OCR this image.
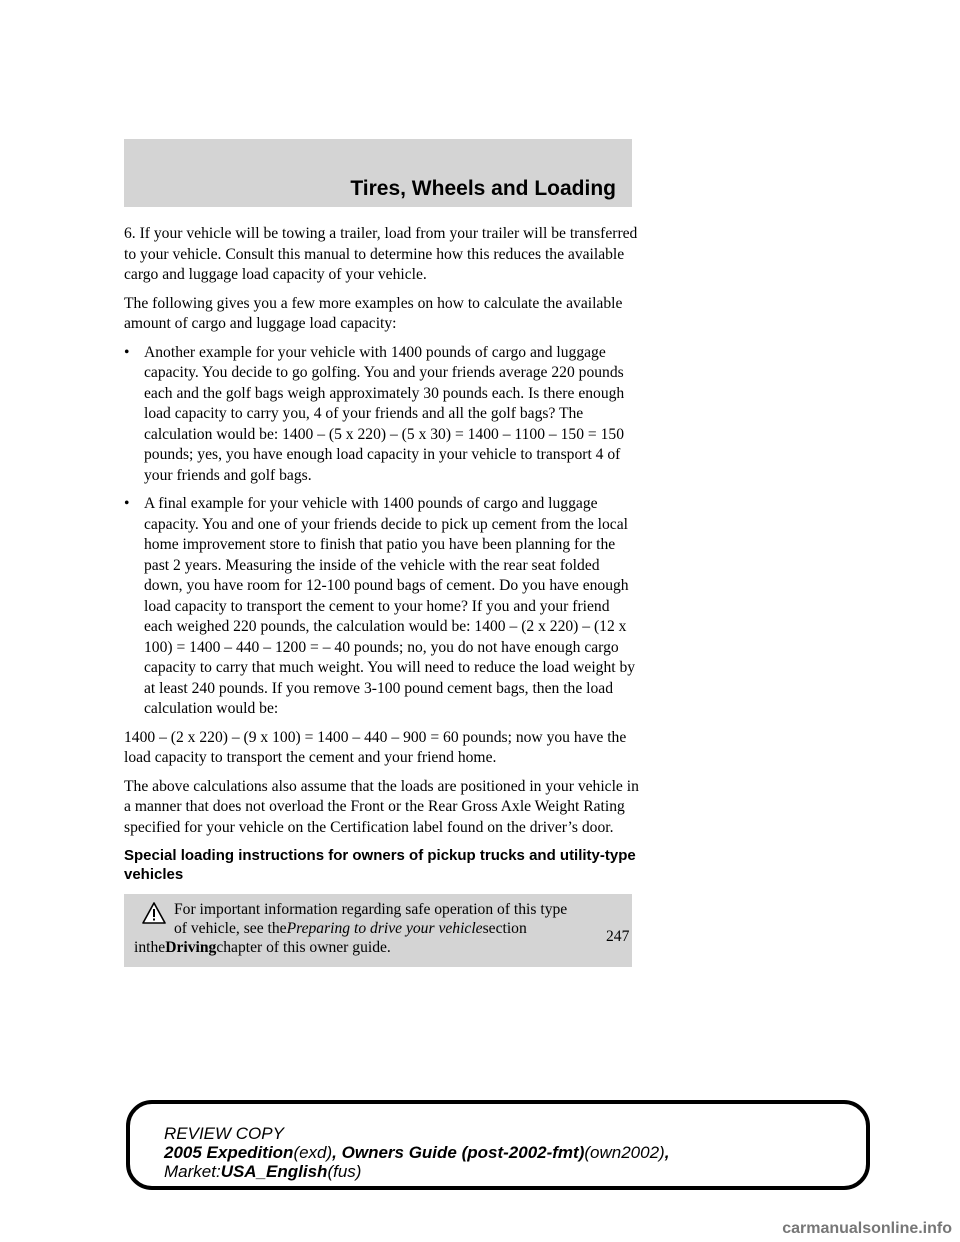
Tires, Wheels and Loading

6. If your vehicle will be towing a trailer, load from your trailer will be transferred to your vehicle. Consult this manual to determine how this reduces the available cargo and luggage load capacity of your vehicle.

The following gives you a few more examples on how to calculate the available amount of cargo and luggage load capacity:

• Another example for your vehicle with 1400 pounds of cargo and luggage capacity. You decide to go golfing. You and your friends average 220 pounds each and the golf bags weigh approximately 30 pounds each. Is there enough load capacity to carry you, 4 of your friends and all the golf bags? The calculation would be: 1400 – (5 x 220) – (5 x 30) = 1400 – 1100 – 150 = 150 pounds; yes, you have enough load capacity in your vehicle to transport 4 of your friends and golf bags.
• A final example for your vehicle with 1400 pounds of cargo and luggage capacity. You and one of your friends decide to pick up cement from the local home improvement store to finish that patio you have been planning for the past 2 years. Measuring the inside of the vehicle with the rear seat folded down, you have room for 12-100 pound bags of cement. Do you have enough load capacity to transport the cement to your home? If you and your friend each weighed 220 pounds, the calculation would be: 1400 – (2 x 220) – (12 x 100) = 1400 – 440 – 1200 = – 40 pounds; no, you do not have enough cargo capacity to carry that much weight. You will need to reduce the load weight by at least 240 pounds. If you remove 3-100 pound cement bags, then the load calculation would be:

1400 – (2 x 220) – (9 x 100) = 1400 – 440 – 900 = 60 pounds; now you have the load capacity to transport the cement and your friend home.

The above calculations also assume that the loads are positioned in your vehicle in a manner that does not overload the Front or the Rear Gross Axle Weight Rating specified for your vehicle on the Certification label found on the driver’s door.

Special loading instructions for owners of pickup trucks and utility-type vehicles
For important information regarding safe operation of this type
of vehicle, see thePreparing to drive your vehiclesection
intheDrivingchapter of this owner guide.
247
REVIEW COPY
2005 Expedition(exd), Owners Guide (post-2002-fmt)(own2002),
Market:USA_English(fus)
carmanualsonline.info
